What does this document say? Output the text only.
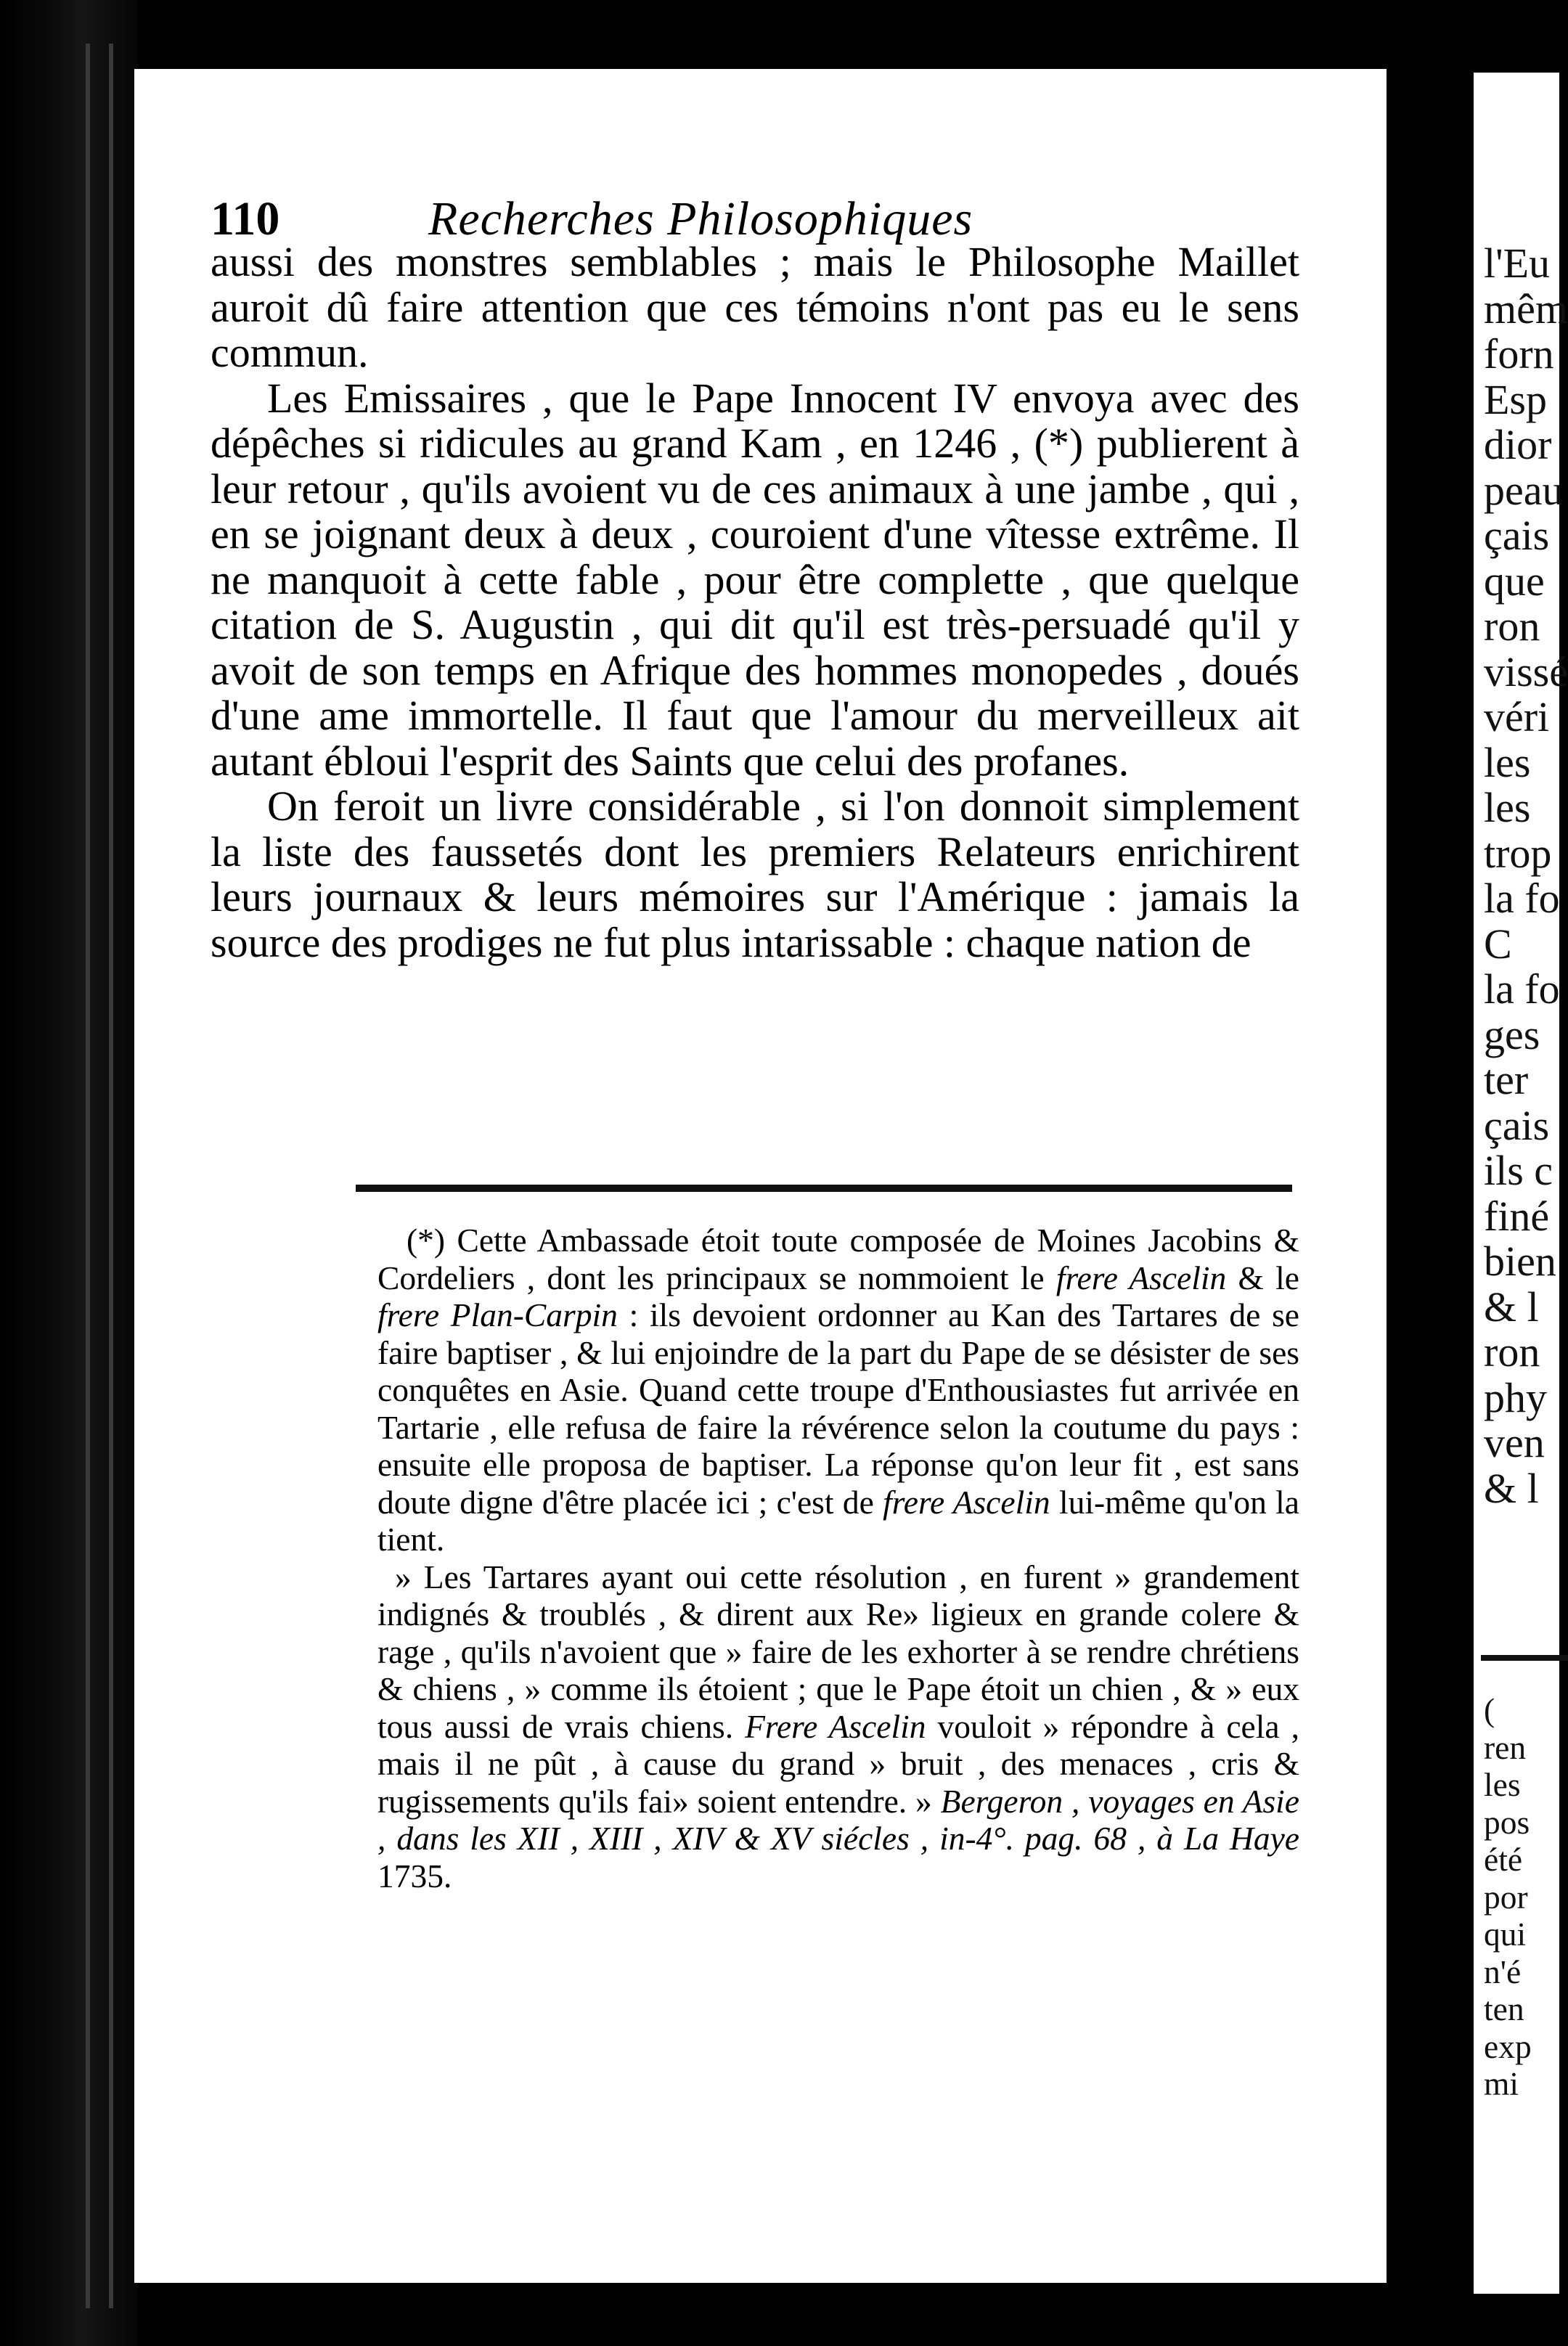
110	Recherches Philosophiques

aussi des monstres semblables ; mais le Philosophe Maillet auroit dû faire attention que ces témoins n'ont pas eu le sens commun.

Les Emissaires , que le Pape Innocent IV envoya avec des dépêches si ridicules au grand Kam , en 1246 , (*) publierent à leur retour , qu'ils avoient vu de ces animaux à une jambe , qui , en se joignant deux à deux , couroient d'une vîtesse extrême. Il ne manquoit à cette fable , pour être complette , que quelque citation de S. Augustin , qui dit qu'il est très-persuadé qu'il y avoit de son temps en Afrique des hommes monopedes , doués d'une ame immortelle. Il faut que l'amour du merveilleux ait autant ébloui l'esprit des Saints que celui des profanes.

On feroit un livre considérable , si l'on donnoit simplement la liste des faussetés dont les premiers Relateurs enrichirent leurs journaux & leurs mémoires sur l'Amérique : jamais la source des prodiges ne fut plus intarissable : chaque nation de

(*) Cette Ambassade étoit toute composée de Moines Jacobins & Cordeliers , dont les principaux se nommoient le frere Ascelin & le frere Plan-Carpin : ils devoient ordonner au Kan des Tartares de se faire baptiser , & lui enjoindre de la part du Pape de se désister de ses conquêtes en Asie. Quand cette troupe d'Enthousiastes fut arrivée en Tartarie , elle refusa de faire la révérence selon la coutume du pays : ensuite elle proposa de baptiser. La réponse qu'on leur fit , est sans doute digne d'être placée ici ; c'est de frere Ascelin lui-même qu'on la tient.

» Les Tartares ayant oui cette résolution , en furent » grandement indignés & troublés , & dirent aux Re» ligieux en grande colere & rage , qu'ils n'avoient que » faire de les exhorter à se rendre chrétiens & chiens , » comme ils étoient ; que le Pape étoit un chien , & » eux tous aussi de vrais chiens. Frere Ascelin vouloit » répondre à cela , mais il ne pût , à cause du grand » bruit , des menaces , cris & rugissements qu'ils fai» soient entendre. » Bergeron , voyages en Asie , dans les XII , XIII , XIV & XV siécles , in-4°. pag. 68 , à La Haye 1735.

l'Eu
mêm
forn
Esp
dior
peau
çais
que
ron
vissé
véri
les
les
trop
la fo
C
la fo
ges
ter
çais
ils c
finé
bien
& l
ron
phy
ven
& l
(
ren
les
pos
été
por
qui
n'é
ten
exp
mi
